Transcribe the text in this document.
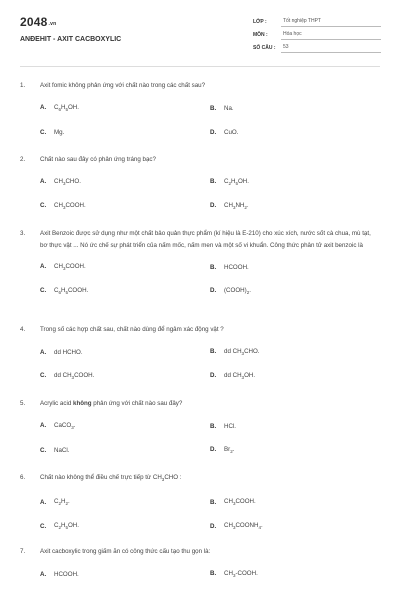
2048.vn
ANĐEHIT - AXIT CACBOXYLIC
LỚP :	Tốt nghiệp THPT
MÔN :	Hóa học
SỐ CÂU :	53
1. Axit fomic không phản ứng với chất nào trong các chất sau?
A.	$C_6H_5OH$.	B.	Na.
C.	Mg.	D.	CuO.
2. Chất nào sau đây có phản ứng tráng bạc?
A.	$CH_3CHO$.	B.	$C_2H_5OH$.
C.	$CH_3COOH$.	D.	$CH_3NH_2$.
3. Axit Benzoic được sử dụng như một chất bảo quản thực phẩm (kí hiệu là E-210) cho xúc xích, nước sốt cà chua, mù tạt, bơ thực vật ... Nó ức chế sự phát triển của nấm mốc, nấm men và một số vi khuẩn. Công thức phân tử axit benzoic là
A.	$CH_3COOH$.	B.	HCOOH.
C.	$C_6H_5COOH$.	D.	$(COOH)_2$.
4. Trong số các hợp chất sau, chất nào dùng để ngâm xác động vật ?
A.	dd HCHO.	B.	dd $CH_3CHO$.
C.	dd $CH_3COOH$.	D.	dd $CH_3OH$.
5. Acrylic acid không phản ứng với chất nào sau đây?
A.	CaCO$_3$.	B.	HCl.
C.	NaCl.	D.	$Br_2$.
6. Chất nào không thể điều chế trực tiếp từ $CH_3CHO$ :
A.	$C_2H_2$.	B.	$CH_3COOH$.
C.	$C_2H_5OH$.	D.	$CH_3COONH_4$.
7. Axit cacboxylic trong giấm ăn có công thức cấu tạo thu gọn là:
A.	HCOOH.	B.	$CH_3$-COOH.
